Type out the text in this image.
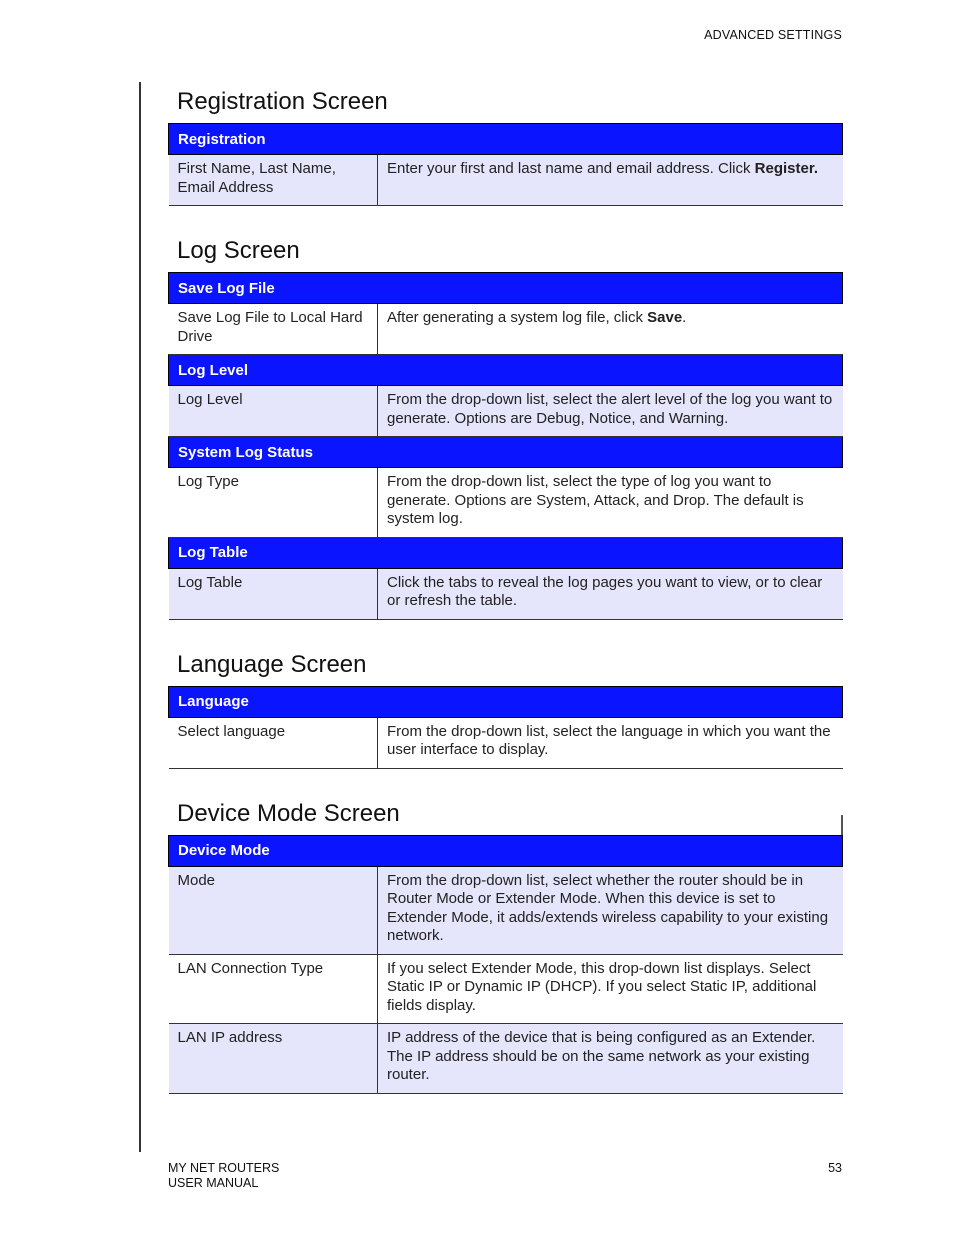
ADVANCED SETTINGS
Registration Screen
Registration
First Name, Last Name, Email Address	Enter your first and last name and email address. Click Register.
Log Screen
Save Log File	
Save Log File to Local Hard Drive	After generating a system log file, click Save.
Log Level	
Log Level	From the drop-down list, select the alert level of the log you want to generate. Options are Debug, Notice, and Warning.
System Log Status	
Log Type	From the drop-down list, select the type of log you want to generate. Options are System, Attack, and Drop. The default is system log.
Log Table	
Log Table	Click the tabs to reveal the log pages you want to view, or to clear or refresh the table.
Language Screen
Language
Select language	From the drop-down list, select the language in which you want the user interface to display.
Device Mode Screen
Device Mode	
Mode	From the drop-down list, select whether the router should be in Router Mode or Extender Mode. When this device is set to Extender Mode, it adds/extends wireless capability to your existing network.
LAN Connection Type	If you select Extender Mode, this drop-down list displays. Select Static IP or Dynamic IP (DHCP). If you select Static IP, additional fields display.
LAN IP address	IP address of the device that is being configured as an Extender. The IP address should be on the same network as your existing router.
MY NET ROUTERS
USER MANUAL
53
